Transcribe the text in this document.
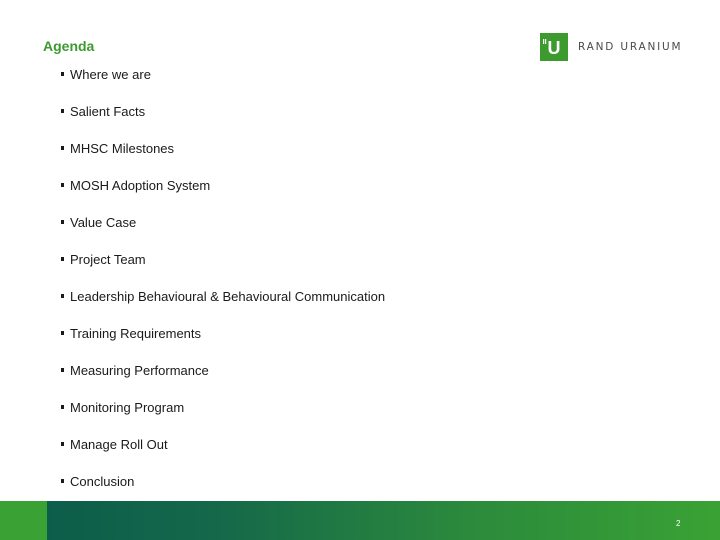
Agenda	U RAND URANIUM
Where we are
Salient Facts
MHSC Milestones
MOSH Adoption System
Value Case
Project Team
Leadership Behavioural & Behavioural Communication
Training Requirements
Measuring Performance
Monitoring Program
Manage Roll Out
Conclusion
2
